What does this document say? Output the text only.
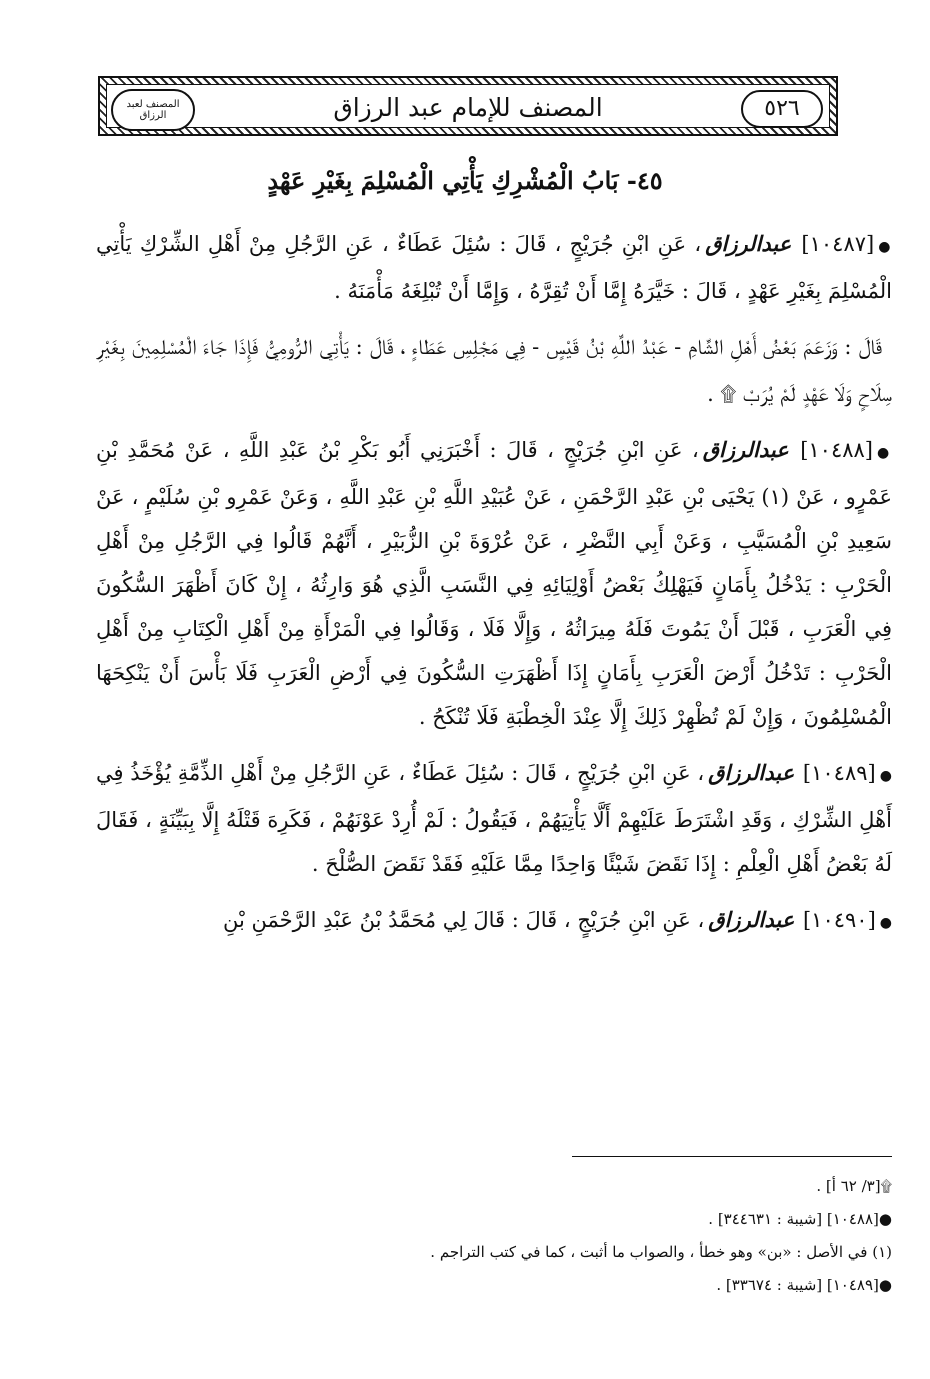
المصنف لعبد الرزاق	المصنف للإمام عبد الرزاق	٥٢٦
٤٥- بَابُ الْمُشْرِكِ يَأْتِي الْمُسْلِمَ بِغَيْرِ عَهْدٍ

●[١٠٤٨٧] عبدالرزاق، عَنِ ابْنِ جُرَيْجٍ ، قَالَ : سُئِلَ عَطَاءٌ ، عَنِ الرَّجُلِ مِنْ أَهْلِ الشِّرْكِ يَأْتِي الْمُسْلِمَ بِغَيْرِ عَهْدٍ ، قَالَ : خَيَّرَهُ إِمَّا أَنْ تُقِرَّهُ ، وَإِمَّا أَنْ تُبْلِغَهُ مَأْمَنَهُ .

قَالَ : وَزَعَمَ بَعْضُ أَهْلِ الشَّامِ - عَبْدُ اللَّهِ بْنُ قَيْسٍ - فِي مَجْلِسِ عَطَاءٍ ، قَالَ : يَأْتِي الرُّومِيُّ فَإِذَا جَاءَ الْمُسْلِمِينَ بِغَيْرِ سِلَاحٍ وَلَا عَهْدٍ لَمْ يُرَبْ ۩ .

●[١٠٤٨٨] عبدالرزاق، عَنِ ابْنِ جُرَيْجٍ ، قَالَ : أَخْبَرَنِي أَبُو بَكْرِ بْنُ عَبْدِ اللَّهِ ، عَنْ مُحَمَّدِ بْنِ عَمْرٍو ، عَنْ (١) يَحْيَى بْنِ عَبْدِ الرَّحْمَنِ ، عَنْ عُبَيْدِ اللَّهِ بْنِ عَبْدِ اللَّهِ ، وَعَنْ عَمْرِو بْنِ سُلَيْمٍ ، عَنْ سَعِيدِ بْنِ الْمُسَيَّبِ ، وَعَنْ أَبِي النَّضْرِ ، عَنْ عُرْوَةَ بْنِ الزُّبَيْرِ ، أَنَّهُمْ قَالُوا فِي الرَّجُلِ مِنْ أَهْلِ الْحَرْبِ : يَدْخُلُ بِأَمَانٍ فَيَهْلِكُ بَعْضُ أَوْلِيَائِهِ فِي النَّسَبِ الَّذِي هُوَ وَارِثُهُ ، إِنْ كَانَ أَظْهَرَ السُّكُونَ فِي الْعَرَبِ ، قَبْلَ أَنْ يَمُوتَ فَلَهُ مِيرَاثُهُ ، وَإِلَّا فَلَا ، وَقَالُوا فِي الْمَرْأَةِ مِنْ أَهْلِ الْكِتَابِ مِنْ أَهْلِ الْحَرْبِ : تَدْخُلُ أَرْضَ الْعَرَبِ بِأَمَانٍ إِذَا أَظْهَرَتِ السُّكُونَ فِي أَرْضِ الْعَرَبِ فَلَا بَأْسَ أَنْ يَنْكِحَهَا الْمُسْلِمُونَ ، وَإِنْ لَمْ تُظْهِرْ ذَلِكَ إِلَّا عِنْدَ الْخِطْبَةِ فَلَا تُنْكَحُ .

●[١٠٤٨٩] عبدالرزاق، عَنِ ابْنِ جُرَيْجٍ ، قَالَ : سُئِلَ عَطَاءٌ ، عَنِ الرَّجُلِ مِنْ أَهْلِ الذِّمَّةِ يُؤْخَذُ فِي أَهْلِ الشِّرْكِ ، وَقَدِ اشْتَرَطَ عَلَيْهِمْ أَلَّا يَأْتِيَهُمْ ، فَيَقُولُ : لَمْ أُرِدْ عَوْنَهُمْ ، فَكَرِهَ قَتْلَهُ إِلَّا بِبَيِّنَةٍ ، فَقَالَ لَهُ بَعْضُ أَهْلِ الْعِلْمِ : إِذَا نَقَضَ شَيْئًا وَاحِدًا مِمَّا عَلَيْهِ فَقَدْ نَقَضَ الصُّلْحَ .

●[١٠٤٩٠] عبدالرزاق، عَنِ ابْنِ جُرَيْجٍ ، قَالَ : قَالَ لِي مُحَمَّدُ بْنُ عَبْدِ الرَّحْمَنِ بْنِ

۩[٣/ ٦٢ أ] .
●[١٠٤٨٨] [شيبة : ٣٤٤٦٣١] .
(١) في الأصل : «بن» وهو خطأ ، والصواب ما أثبت ، كما في كتب التراجم .
●[١٠٤٨٩] [شيبة : ٣٣٦٧٤] .
